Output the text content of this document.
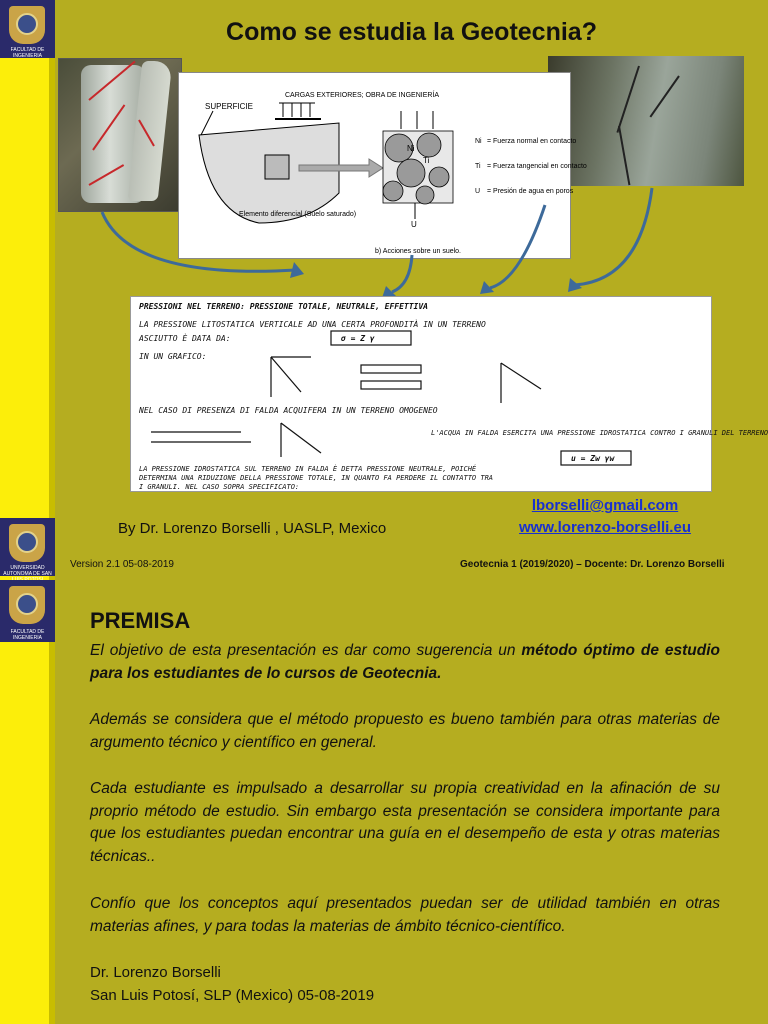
FACULTAD DE INGENIERIA
UNIVERSIDAD AUTONOMA DE SAN
FACULTAD DE INGENIERIA
Como se estudia la Geotecnia?
SUPERFICIE
CARGAS EXTERIORES; OBRA DE INGENIERÍA
Elemento diferencial (Suelo saturado)
Ni
Ti
U
Ni = Fuerza normal en contacto
Ti = Fuerza tangencial en contacto
U = Presión de agua en poros
b) Acciones sobre un suelo.
PRESSIONI NEL TERRENO: PRESSIONE TOTALE, NEUTRALE, EFFETTIVA
LA PRESSIONE LITOSTATICA VERTICALE AD UNA CERTA PROFONDITÀ IN UN TERRENO
ASCIUTTO È DATA DA:	σ = Z γ
IN UN GRAFICO:
NEL CASO DI PRESENZA DI FALDA ACQUIFERA IN UN TERRENO OMOGENEO
L'ACQUA IN FALDA ESERCITA UNA PRESSIONE IDROSTATICA CONTRO I GRANULI DEL TERRENO
u = Zw γw
LA PRESSIONE IDROSTATICA SUL TERRENO IN FALDA È DETTA PRESSIONE NEUTRALE, POICHÉ
DETERMINA UNA RIDUZIONE DELLA PRESSIONE TOTALE, IN QUANTO FA PERDERE IL CONTATTO TRA
I GRANULI. NEL CASO SOPRA SPECIFICATO:
lborselli@gmail.com
www.lorenzo-borselli.eu
By Dr. Lorenzo Borselli , UASLP, Mexico
Version 2.1 05-08-2019	Geotecnia 1 (2019/2020) – Docente: Dr. Lorenzo Borselli
PREMISA
El objetivo de esta presentación es dar como sugerencia un método óptimo de estudio para los estudiantes de lo cursos de Geotecnia.
Además se considera que el método propuesto es bueno también para otras materias de argumento técnico y científico en general.
Cada estudiante es impulsado a desarrollar su propia creatividad en la afinación de su proprio método de estudio. Sin embargo esta presentación se considera importante para que los estudiantes puedan encontrar una guía en el desempeño de esta y otras materias técnicas..
Confío que los conceptos aquí presentados puedan ser de utilidad también en otras materias afines, y para todas la materias de ámbito técnico-científico.
Dr. Lorenzo Borselli
San Luis Potosí, SLP (Mexico) 05-08-2019
